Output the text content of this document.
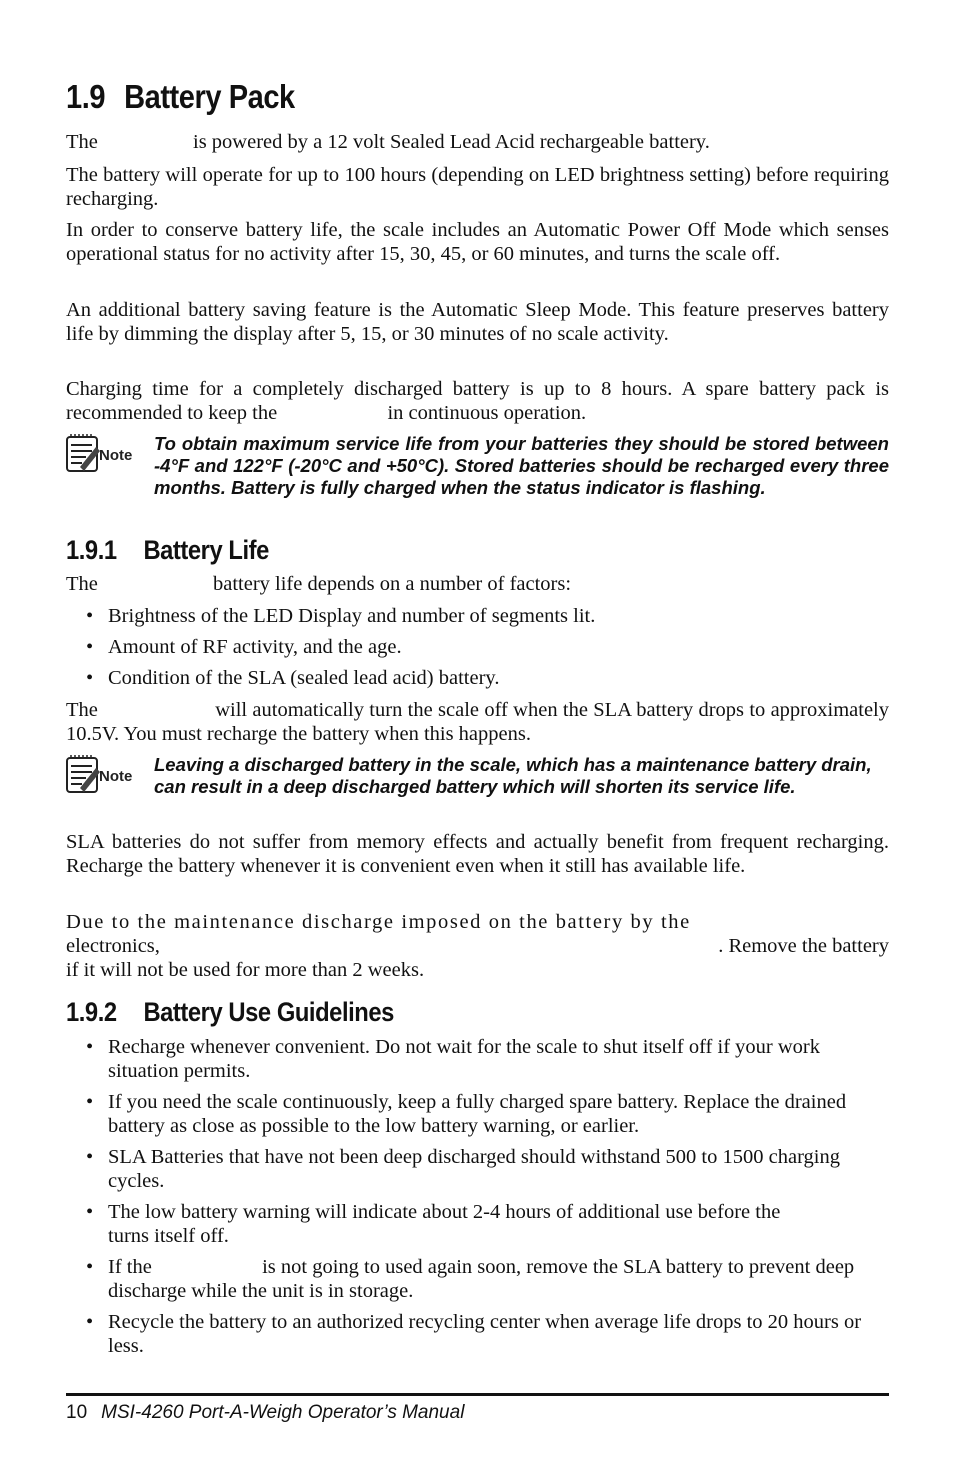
1.9 Battery Pack

The	is powered by a 12 volt Sealed Lead Acid rechargeable battery.

The battery will operate for up to 100 hours (depending on LED brightness setting) before requiring recharging.

In order to conserve battery life, the scale includes an Automatic Power Off Mode which senses operational status for no activity after 15, 30, 45, or 60 minutes, and turns the scale off.

An additional battery saving feature is the Automatic Sleep Mode. This feature preserves battery life by dimming the display after 5, 15, or 30 minutes of no scale activity.

Charging time for a completely discharged battery is up to 8 hours. A spare battery pack is recommended to keep the	in continuous operation.

Note

To obtain maximum service life from your batteries they should be stored between -4°F and 122°F (-20°C and +50°C). Stored batteries should be recharged every three months. Battery is fully charged when the status indicator is flashing.

1.9.1 Battery Life

The	battery life depends on a number of factors:

• Brightness of the LED Display and number of segments lit.
• Amount of RF activity, and the age.
• Condition of the SLA (sealed lead acid) battery.

The	will automatically turn the scale off when the SLA battery drops to approximately 10.5V. You must recharge the battery when this happens.

Note

Leaving a discharged battery in the scale, which has a maintenance battery drain, can result in a deep discharged battery which will shorten its service life.

SLA batteries do not suffer from memory effects and actually benefit from frequent recharging. Recharge the battery whenever it is convenient even when it still has available life.

Due to the maintenance discharge imposed on the battery by the
electronics,	. Remove the battery

if it will not be used for more than 2 weeks.

1.9.2 Battery Use Guidelines
• Recharge whenever convenient. Do not wait for the scale to shut itself off if your work situation permits.
• If you need the scale continuously, keep a fully charged spare battery. Replace the drained battery as close as possible to the low battery warning, or earlier.
• SLA Batteries that have not been deep discharged should withstand 500 to 1500 charging cycles.
• The low battery warning will indicate about 2-4 hours of additional use before the  turns itself off.
• If the	is not going to used again soon, remove the SLA battery to prevent deep discharge while the unit is in storage.
• Recycle the battery to an authorized recycling center when average life drops to 20 hours or less.
10 MSI-4260 Port-A-Weigh Operator’s Manual
